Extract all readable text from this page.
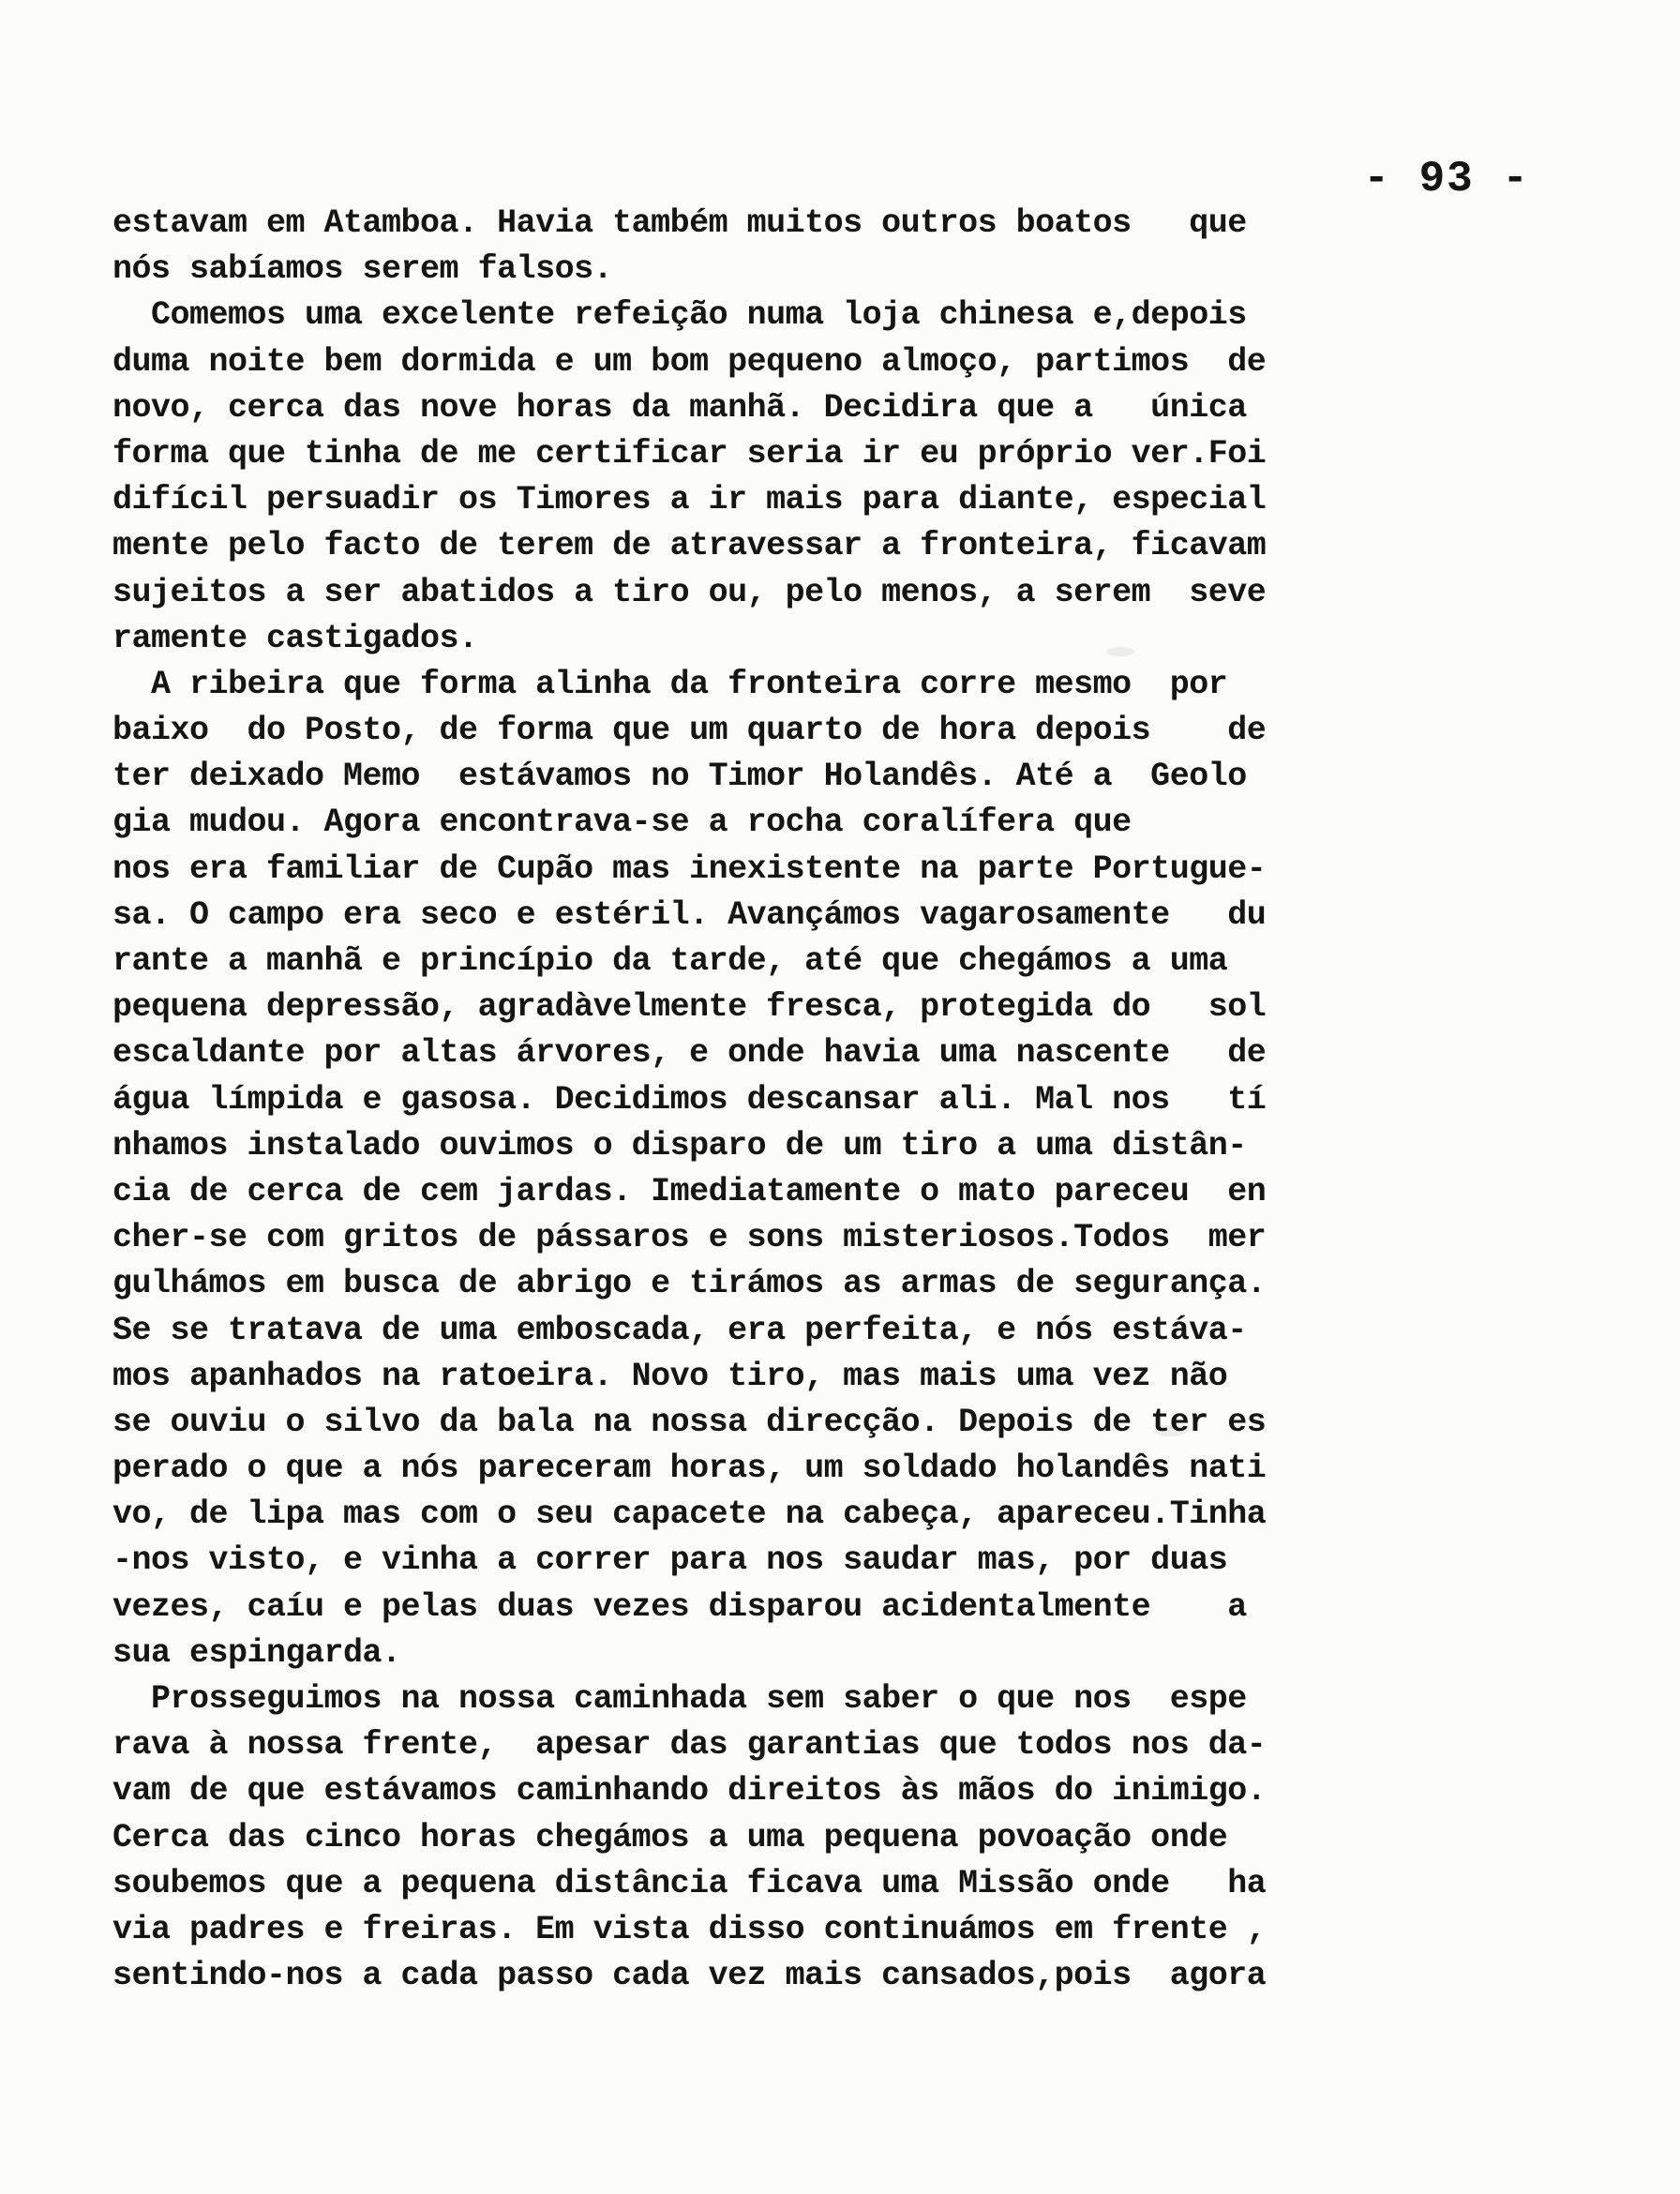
- 93 -
estavam em Atamboa. Havia também muitos outros boatos   que
nós sabíamos serem falsos.
Comemos uma excelente refeição numa loja chinesa e,depois
duma noite bem dormida e um bom pequeno almoço, partimos  de
novo, cerca das nove horas da manhã. Decidira que a   única
forma que tinha de me certificar seria ir eu próprio ver.Foi
difícil persuadir os Timores a ir mais para diante, especial
mente pelo facto de terem de atravessar a fronteira, ficavam
sujeitos a ser abatidos a tiro ou, pelo menos, a serem  seve
ramente castigados.
A ribeira que forma alinha da fronteira corre mesmo  por
baixo  do Posto, de forma que um quarto de hora depois    de
ter deixado Memo  estávamos no Timor Holandês. Até a  Geolo
gia mudou. Agora encontrava-se a rocha coralífera que
nos era familiar de Cupão mas inexistente na parte Portugue-
sa. O campo era seco e estéril. Avançámos vagarosamente   du
rante a manhã e princípio da tarde, até que chegámos a uma
pequena depressão, agradàvelmente fresca, protegida do   sol
escaldante por altas árvores, e onde havia uma nascente   de
água límpida e gasosa. Decidimos descansar ali. Mal nos   tí
nhamos instalado ouvimos o disparo de um tiro a uma distân-
cia de cerca de cem jardas. Imediatamente o mato pareceu  en
cher-se com gritos de pássaros e sons misteriosos.Todos  mer
gulhámos em busca de abrigo e tirámos as armas de segurança.
Se se tratava de uma emboscada, era perfeita, e nós estáva-
mos apanhados na ratoeira. Novo tiro, mas mais uma vez não
se ouviu o silvo da bala na nossa direcção. Depois de ter es
perado o que a nós pareceram horas, um soldado holandês nati
vo, de lipa mas com o seu capacete na cabeça, apareceu.Tinha
-nos visto, e vinha a correr para nos saudar mas, por duas
vezes, caíu e pelas duas vezes disparou acidentalmente    a
sua espingarda.
Prosseguimos na nossa caminhada sem saber o que nos  espe
rava à nossa frente,  apesar das garantias que todos nos da-
vam de que estávamos caminhando direitos às mãos do inimigo.
Cerca das cinco horas chegámos a uma pequena povoação onde
soubemos que a pequena distância ficava uma Missão onde   ha
via padres e freiras. Em vista disso continuámos em frente ,
sentindo-nos a cada passo cada vez mais cansados,pois  agora
